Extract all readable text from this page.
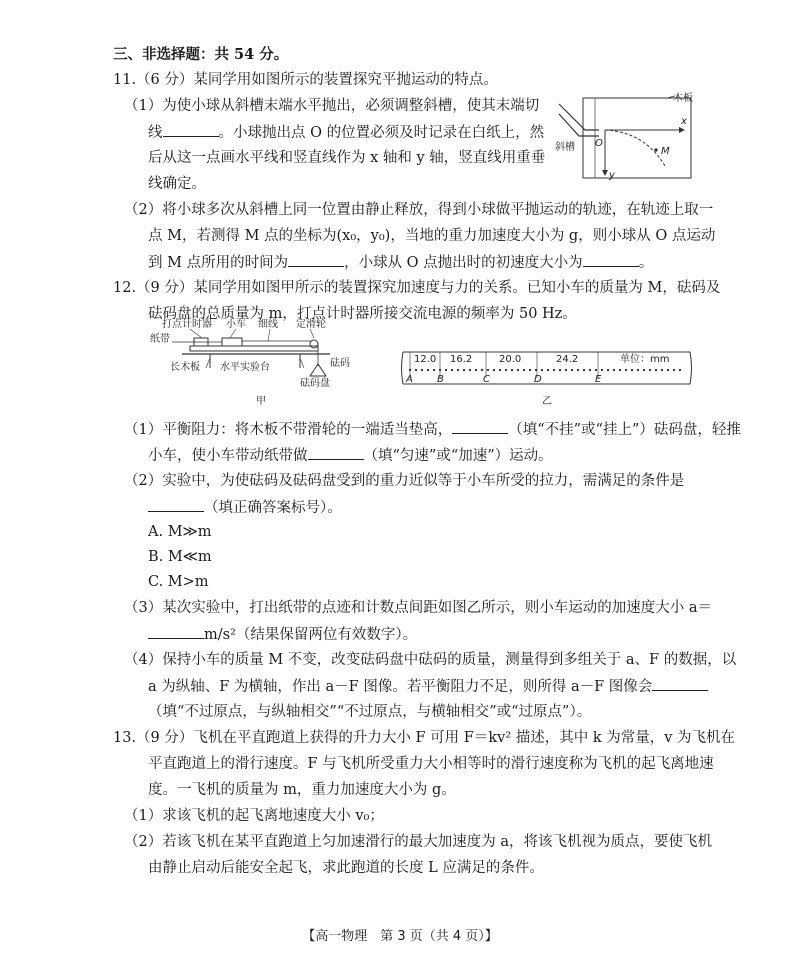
三、非选择题：共 54 分。
11.（6 分）某同学用如图所示的装置探究平抛运动的特点。
（1）为使小球从斜槽末端水平抛出，必须调整斜槽，使其末端切
线	。小球抛出点 O 的位置必须及时记录在白纸上，然
后从这一点画水平线和竖直线作为 x 轴和 y 轴，竖直线用重垂
线确定。
木板
斜槽 O
x
y
M
（2）将小球多次从斜槽上同一位置由静止释放，得到小球做平抛运动的轨迹，在轨迹上取一
点 M，若测得 M 点的坐标为(x₀，y₀)，当地的重力加速度大小为 g，则小球从 O 点运动
到 M 点所用的时间为	，小球从 O 点抛出时的初速度大小为	。
12.（9 分）某同学用如图甲所示的装置探究加速度与力的关系。已知小车的质量为 M，砝码及
砝码盘的总质量为 m，打点计时器所接交流电源的频率为 50 Hz。
打点计时器 小车 细线 定滑轮
纸带
砝码
长木板 水平实验台
砝码盘
甲
12.0 16.2	20.0	24.2	单位：mm
A B	C	D	E
乙
（1）平衡阻力：将木板不带滑轮的一端适当垫高，	（填“不挂”或“挂上”）砝码盘，轻推
小车，使小车带动纸带做	（填“匀速”或“加速”）运动。
（2）实验中，为使砝码及砝码盘受到的重力近似等于小车所受的拉力，需满足的条件是
（填正确答案标号）。
A. M≫m
B. M≪m
C. M>m
（3）某次实验中，打出纸带的点迹和计数点间距如图乙所示，则小车运动的加速度大小 a＝
m/s²（结果保留两位有效数字）。
（4）保持小车的质量 M 不变，改变砝码盘中砝码的质量，测量得到多组关于 a、F 的数据，以
a 为纵轴、F 为横轴，作出 a－F 图像。若平衡阻力不足，则所得 a－F 图像会
（填“不过原点，与纵轴相交”“不过原点，与横轴相交”或“过原点”）。
13.（9 分）飞机在平直跑道上获得的升力大小 F 可用 F＝kv² 描述，其中 k 为常量，v 为飞机在
平直跑道上的滑行速度。F 与飞机所受重力大小相等时的滑行速度称为飞机的起飞离地速
度。一飞机的质量为 m，重力加速度大小为 g。
（1）求该飞机的起飞离地速度大小 v₀；
（2）若该飞机在某平直跑道上匀加速滑行的最大加速度为 a，将该飞机视为质点，要使飞机
由静止启动后能安全起飞，求此跑道的长度 L 应满足的条件。
【高一物理　第 3 页（共 4 页）】
